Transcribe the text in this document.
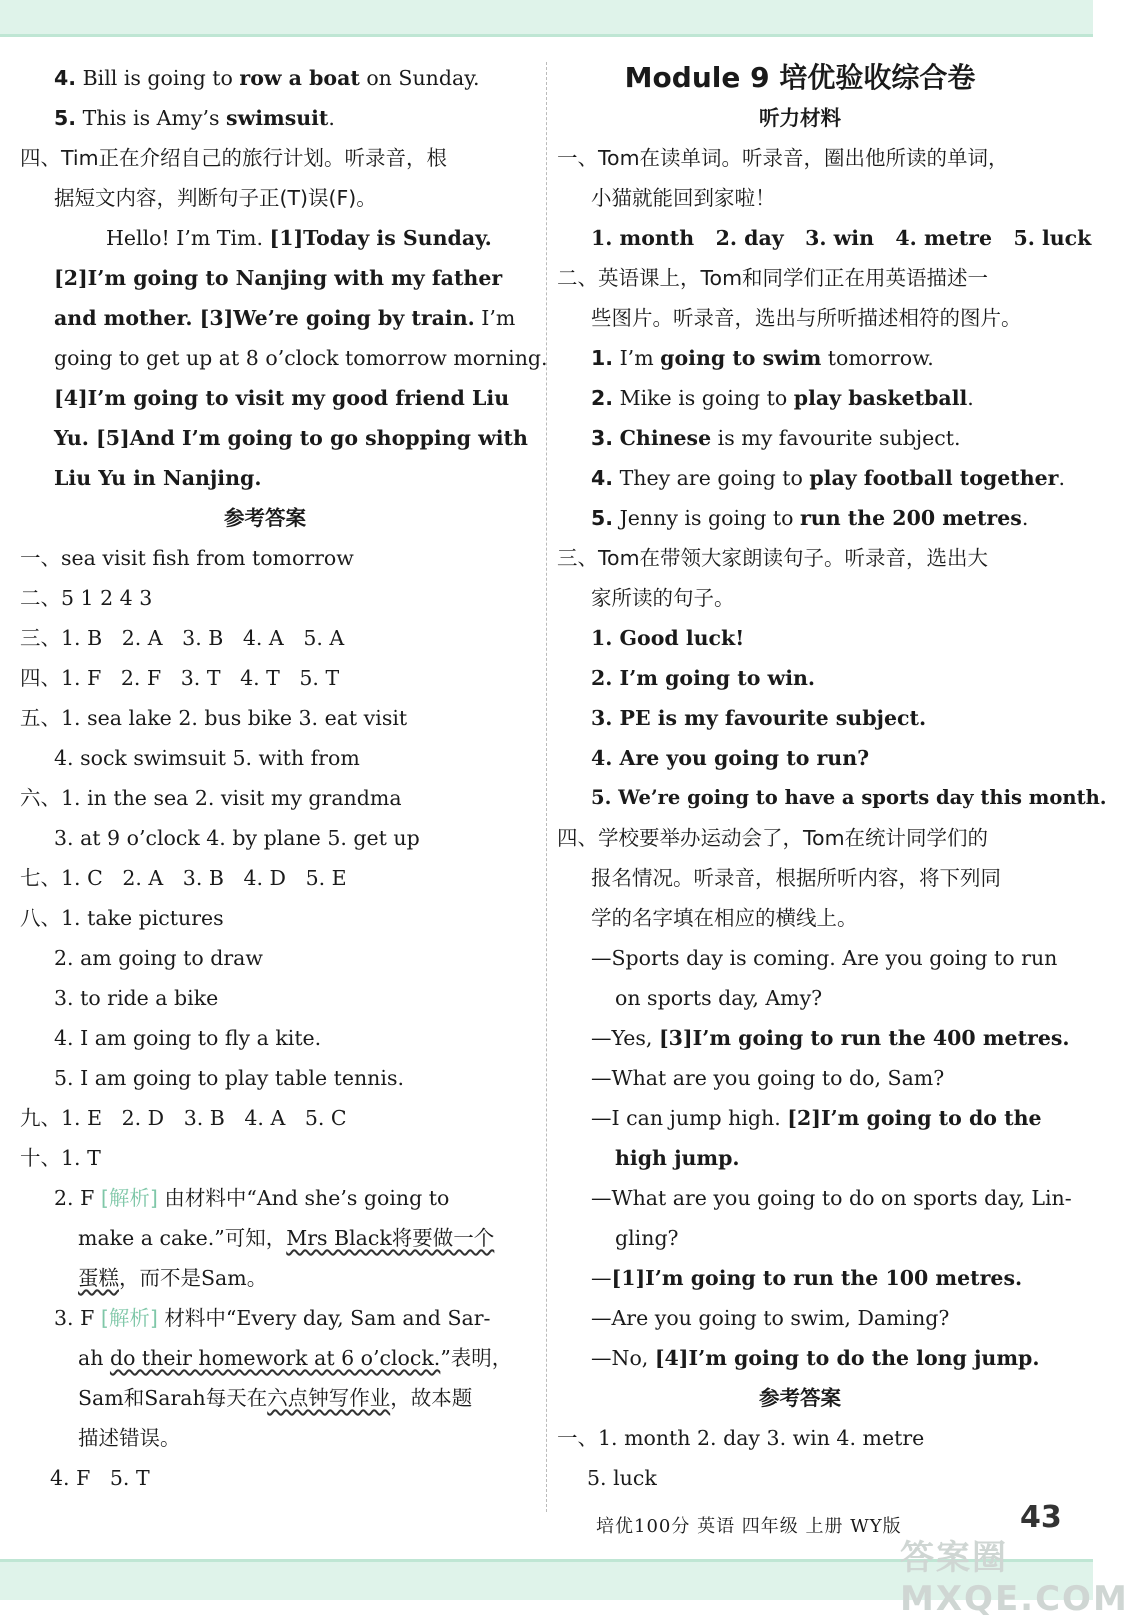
4. Bill is going to row a boat on Sunday.
5. This is Amy’s swimsuit.
四、Tim正在介绍自己的旅行计划。听录音，根
据短文内容，判断句子正(T)误(F)。
Hello! I’m Tim. [1]Today is Sunday.
[2]I’m going to Nanjing with my father
and mother. [3]We’re going by train. I’m
going to get up at 8 o’clock tomorrow morning.
[4]I’m going to visit my good friend Liu
Yu. [5]And I’m going to go shopping with
Liu Yu in Nanjing.
参考答案
一、sea visit fish from tomorrow
二、5 1 2 4 3
三、1. B 2. A 3. B 4. A 5. A
四、1. F 2. F 3. T 4. T 5. T
五、1. sea lake 2. bus bike 3. eat visit
4. sock swimsuit 5. with from
六、1. in the sea 2. visit my grandma
3. at 9 o’clock 4. by plane 5. get up
七、1. C 2. A 3. B 4. D 5. E
八、1. take pictures
2. am going to draw
3. to ride a bike
4. I am going to fly a kite.
5. I am going to play table tennis.
九、1. E 2. D 3. B 4. A 5. C
十、1. T
2. F [解析] 由材料中“And she’s going to
make a cake.”可知，Mrs Black将要做一个
蛋糕，而不是Sam。
3. F [解析] 材料中“Every day, Sam and Sar-
ah do their homework at 6 o’clock.”表明，
Sam和Sarah每天在六点钟写作业，故本题
描述错误。
4. F 5. T
Module 9 培优验收综合卷
听力材料
一、Tom在读单词。听录音，圈出他所读的单词，
小猫就能回到家啦！
1. month 2. day 3. win 4. metre 5. luck
二、英语课上，Tom和同学们正在用英语描述一
些图片。听录音，选出与所听描述相符的图片。
1. I’m going to swim tomorrow.
2. Mike is going to play basketball.
3. Chinese is my favourite subject.
4. They are going to play football together.
5. Jenny is going to run the 200 metres.
三、Tom在带领大家朗读句子。听录音，选出大
家所读的句子。
1. Good luck!
2. I’m going to win.
3. PE is my favourite subject.
4. Are you going to run?
5. We’re going to have a sports day this month.
四、学校要举办运动会了，Tom在统计同学们的
报名情况。听录音，根据所听内容，将下列同
学的名字填在相应的横线上。
—Sports day is coming. Are you going to run
on sports day, Amy?
—Yes, [3]I’m going to run the 400 metres.
—What are you going to do, Sam?
—I can jump high. [2]I’m going to do the
high jump.
—What are you going to do on sports day, Lin-
gling?
—[1]I’m going to run the 100 metres.
—Are you going to swim, Daming?
—No, [4]I’m going to do the long jump.
参考答案
一、1. month 2. day 3. win 4. metre
5. luck
培优100分 英语 四年级 上册 WY版	43
答案圈 MXQE.COM
